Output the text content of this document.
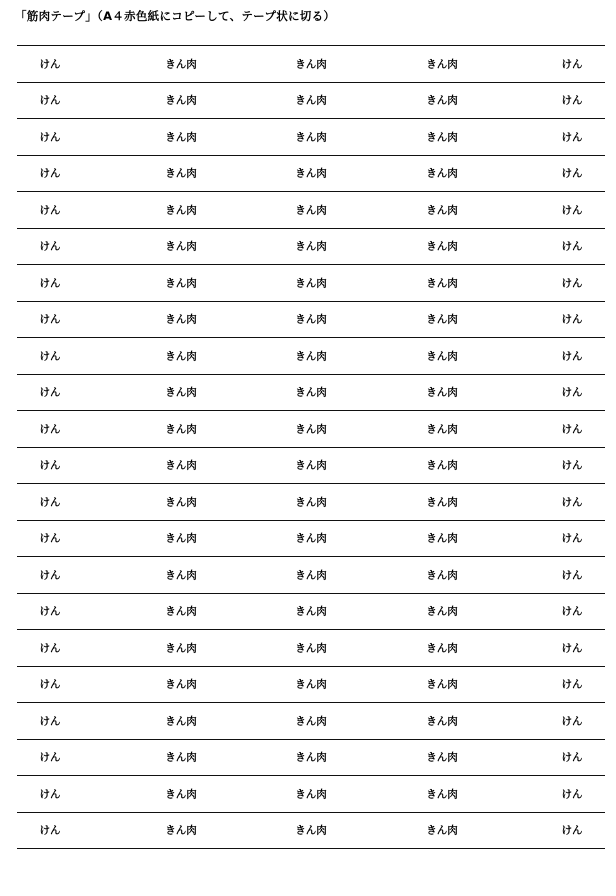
「筋肉テープ」（A４赤色紙にコピーして、テープ状に切る）
けん	きん肉	きん肉	きん肉	けん
けん	きん肉	きん肉	きん肉	けん
けん	きん肉	きん肉	きん肉	けん
けん	きん肉	きん肉	きん肉	けん
けん	きん肉	きん肉	きん肉	けん
けん	きん肉	きん肉	きん肉	けん
けん	きん肉	きん肉	きん肉	けん
けん	きん肉	きん肉	きん肉	けん
けん	きん肉	きん肉	きん肉	けん
けん	きん肉	きん肉	きん肉	けん
けん	きん肉	きん肉	きん肉	けん
けん	きん肉	きん肉	きん肉	けん
けん	きん肉	きん肉	きん肉	けん
けん	きん肉	きん肉	きん肉	けん
けん	きん肉	きん肉	きん肉	けん
けん	きん肉	きん肉	きん肉	けん
けん	きん肉	きん肉	きん肉	けん
けん	きん肉	きん肉	きん肉	けん
けん	きん肉	きん肉	きん肉	けん
けん	きん肉	きん肉	きん肉	けん
けん	きん肉	きん肉	きん肉	けん
けん	きん肉	きん肉	きん肉	けん
